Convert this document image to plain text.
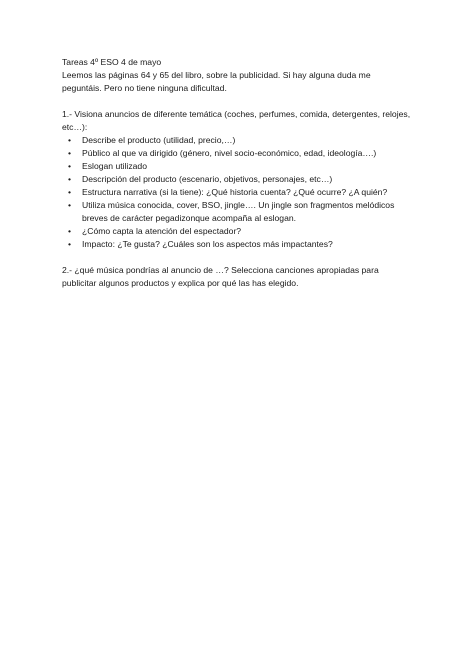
Tareas 4º ESO 4 de mayo

Leemos las páginas 64 y 65 del libro, sobre la publicidad. Si hay alguna duda me peguntáis. Pero no tiene ninguna dificultad.

1.- Visiona anuncios de diferente temática (coches, perfumes, comida, detergentes, relojes, etc…):

• Describe el producto (utilidad, precio,…)
• Público al que va dirigido (género, nivel socio-económico, edad, ideología….)
• Eslogan utilizado
• Descripción del producto (escenario, objetivos, personajes, etc…)
• Estructura narrativa (si la tiene): ¿Qué historia cuenta? ¿Qué ocurre? ¿A quién?
• Utiliza música conocida, cover, BSO, jingle…. Un jingle son fragmentos melódicos breves de carácter pegadizonque acompaña al eslogan.
• ¿Cómo capta la atención del espectador?
• Impacto: ¿Te gusta? ¿Cuáles son los aspectos más impactantes?

2.- ¿qué música pondrías al anuncio de …? Selecciona canciones apropiadas para publicitar algunos productos y explica por qué las has elegido.
